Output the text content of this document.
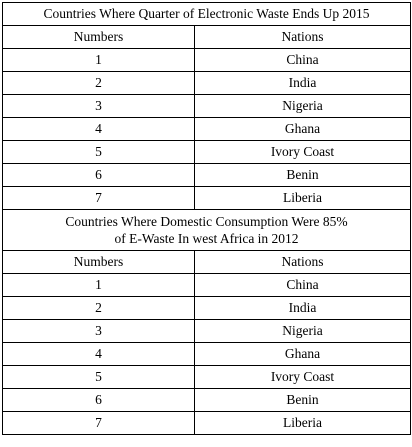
Countries Where Quarter of Electronic Waste Ends Up 2015	
Numbers	Nations
1	China
2	India
3	Nigeria
4	Ghana
5	Ivory Coast
6	Benin
7	Liberia
Countries Where Domestic Consumption Were 85%
of E-Waste In west Africa in 2012	
Numbers	Nations
1	China
2	India
3	Nigeria
4	Ghana
5	Ivory Coast
6	Benin
7	Liberia
